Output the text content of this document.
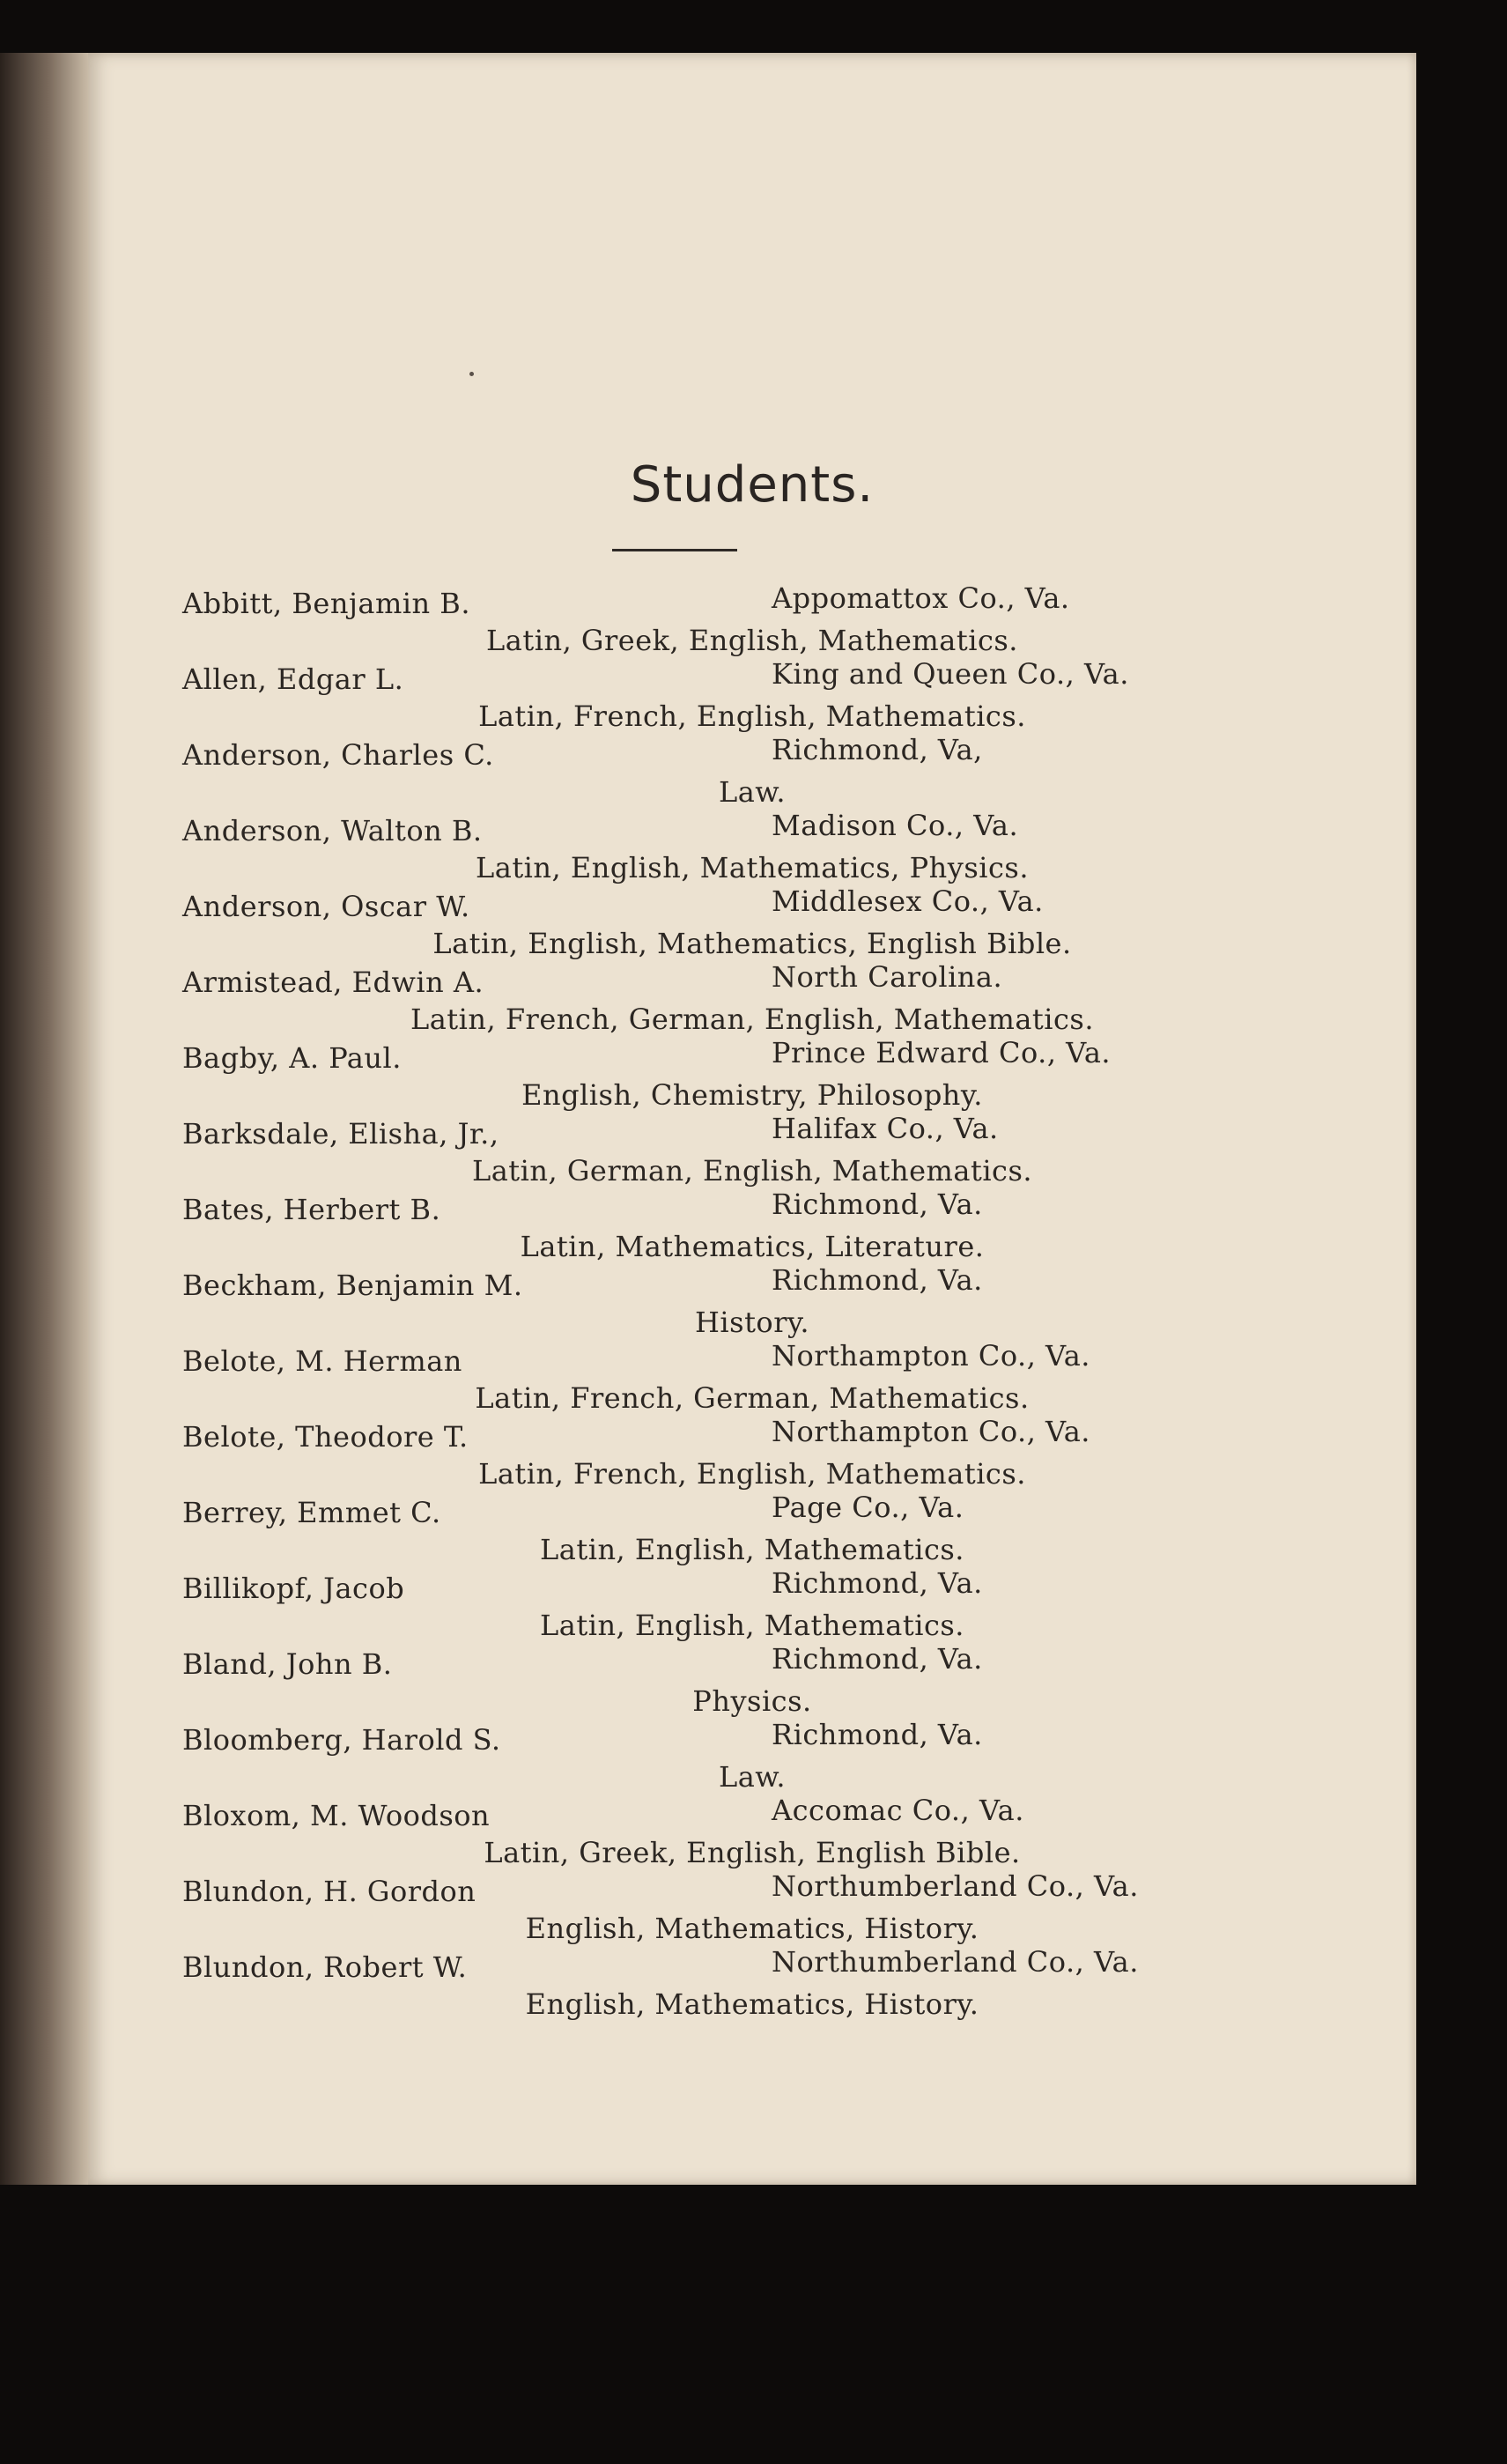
Students.
Abbitt, Benjamin B.	Appomattox Co., Va.
Latin, Greek, English, Mathematics.
Allen, Edgar L.	King and Queen Co., Va.
Latin, French, English, Mathematics.
Anderson, Charles C.	Richmond, Va,
Law.
Anderson, Walton B.	Madison Co., Va.
Latin, English, Mathematics, Physics.
Anderson, Oscar W.	Middlesex Co., Va.
Latin, English, Mathematics, English Bible.
Armistead, Edwin A.	North Carolina.
Latin, French, German, English, Mathematics.
Bagby, A. Paul.	Prince Edward Co., Va.
English, Chemistry, Philosophy.
Barksdale, Elisha, Jr.,	Halifax Co., Va.
Latin, German, English, Mathematics.
Bates, Herbert B.	Richmond, Va.
Latin, Mathematics, Literature.
Beckham, Benjamin M.	Richmond, Va.
History.
Belote, M. Herman	Northampton Co., Va.
Latin, French, German, Mathematics.
Belote, Theodore T.	Northampton Co., Va.
Latin, French, English, Mathematics.
Berrey, Emmet C.	Page Co., Va.
Latin, English, Mathematics.
Billikopf, Jacob	Richmond, Va.
Latin, English, Mathematics.
Bland, John B.	Richmond, Va.
Physics.
Bloomberg, Harold S.	Richmond, Va.
Law.
Bloxom, M. Woodson	Accomac Co., Va.
Latin, Greek, English, English Bible.
Blundon, H. Gordon	Northumberland Co., Va.
English, Mathematics, History.
Blundon, Robert W.	Northumberland Co., Va.
English, Mathematics, History.
